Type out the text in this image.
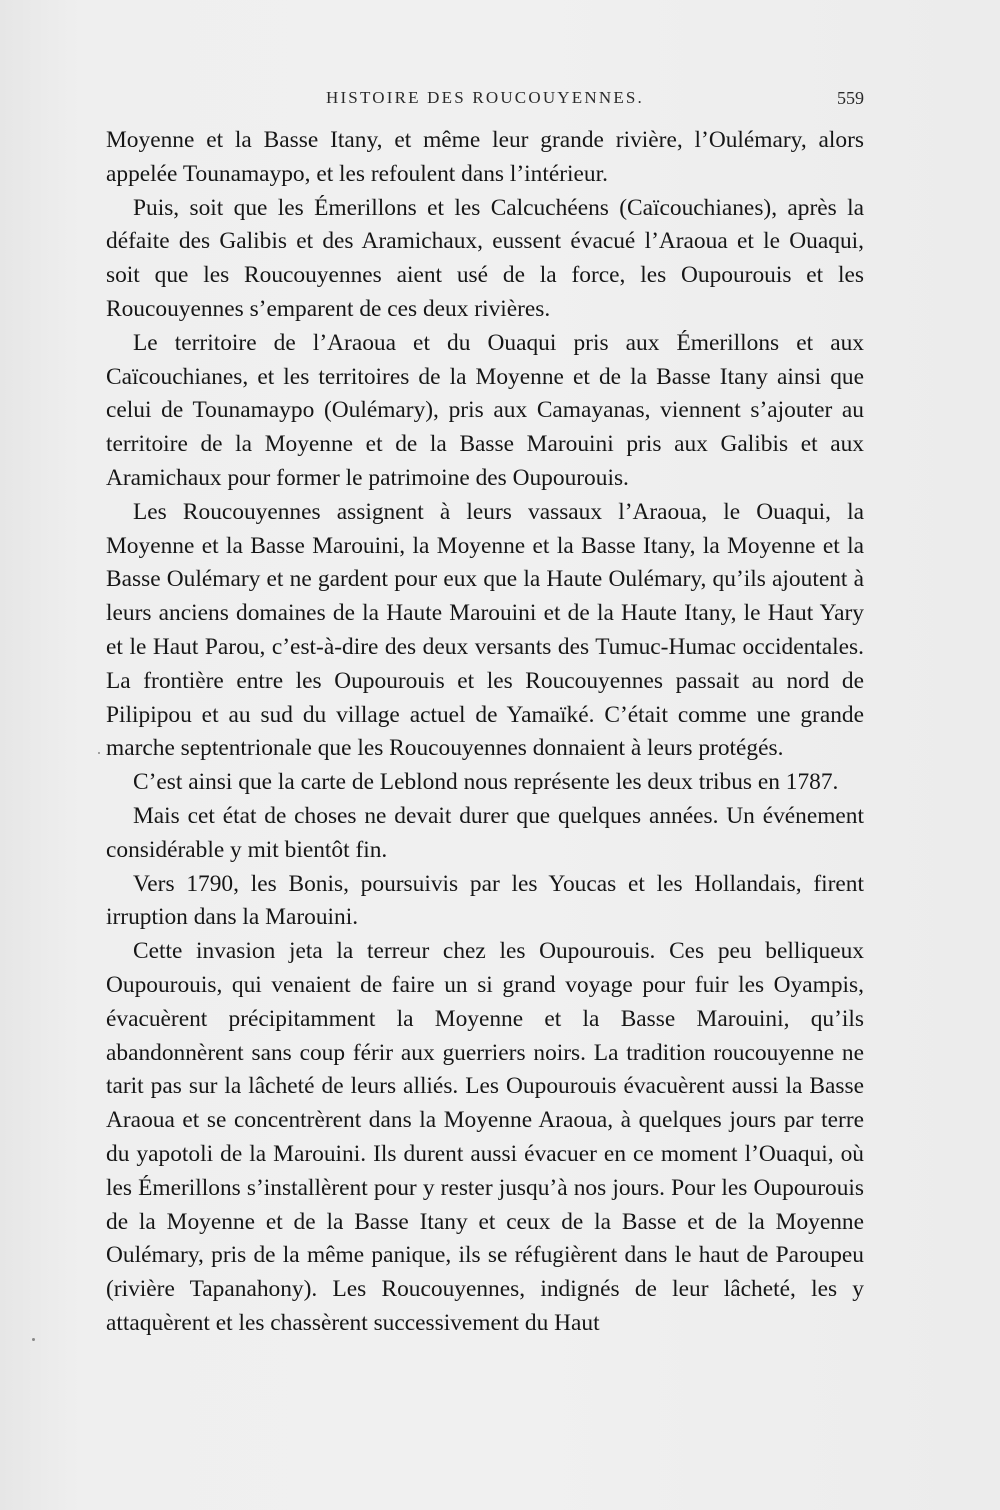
HISTOIRE DES ROUCOUYENNES.	559

Moyenne et la Basse Itany, et même leur grande rivière, l’Oulémary, alors appelée Tounamaypo, et les refoulent dans l’intérieur.

Puis, soit que les Émerillons et les Calcuchéens (Caïcouchianes), après la défaite des Galibis et des Aramichaux, eussent évacué l’Araoua et le Ouaqui, soit que les Roucouyennes aient usé de la force, les Oupourouis et les Roucouyennes s’emparent de ces deux rivières.

Le territoire de l’Araoua et du Ouaqui pris aux Émerillons et aux Caïcouchianes, et les territoires de la Moyenne et de la Basse Itany ainsi que celui de Tounamaypo (Oulémary), pris aux Camayanas, viennent s’ajouter au territoire de la Moyenne et de la Basse Marouini pris aux Galibis et aux Aramichaux pour former le patrimoine des Oupourouis.

Les Roucouyennes assignent à leurs vassaux l’Araoua, le Ouaqui, la Moyenne et la Basse Marouini, la Moyenne et la Basse Itany, la Moyenne et la Basse Oulémary et ne gardent pour eux que la Haute Oulémary, qu’ils ajoutent à leurs anciens domaines de la Haute Marouini et de la Haute Itany, le Haut Yary et le Haut Parou, c’est-à-dire des deux versants des Tumuc-Humac occidentales. La frontière entre les Oupourouis et les Roucouyennes passait au nord de Pilipipou et au sud du village actuel de Yamaïké. C’était comme une grande marche septentrionale que les Roucouyennes donnaient à leurs protégés.

C’est ainsi que la carte de Leblond nous représente les deux tribus en 1787.

Mais cet état de choses ne devait durer que quelques années. Un événement considérable y mit bientôt fin.

Vers 1790, les Bonis, poursuivis par les Youcas et les Hollandais, firent irruption dans la Marouini.

Cette invasion jeta la terreur chez les Oupourouis. Ces peu belliqueux Oupourouis, qui venaient de faire un si grand voyage pour fuir les Oyampis, évacuèrent précipitamment la Moyenne et la Basse Marouini, qu’ils abandonnèrent sans coup férir aux guerriers noirs. La tradition roucouyenne ne tarit pas sur la lâcheté de leurs alliés. Les Oupourouis évacuèrent aussi la Basse Araoua et se concentrèrent dans la Moyenne Araoua, à quelques jours par terre du yapotoli de la Marouini. Ils durent aussi évacuer en ce moment l’Ouaqui, où les Émerillons s’installèrent pour y rester jusqu’à nos jours. Pour les Oupourouis de la Moyenne et de la Basse Itany et ceux de la Basse et de la Moyenne Oulémary, pris de la même panique, ils se réfugièrent dans le haut de Paroupeu (rivière Tapanahony). Les Roucouyennes, indignés de leur lâcheté, les y attaquèrent et les chassèrent successivement du Haut
